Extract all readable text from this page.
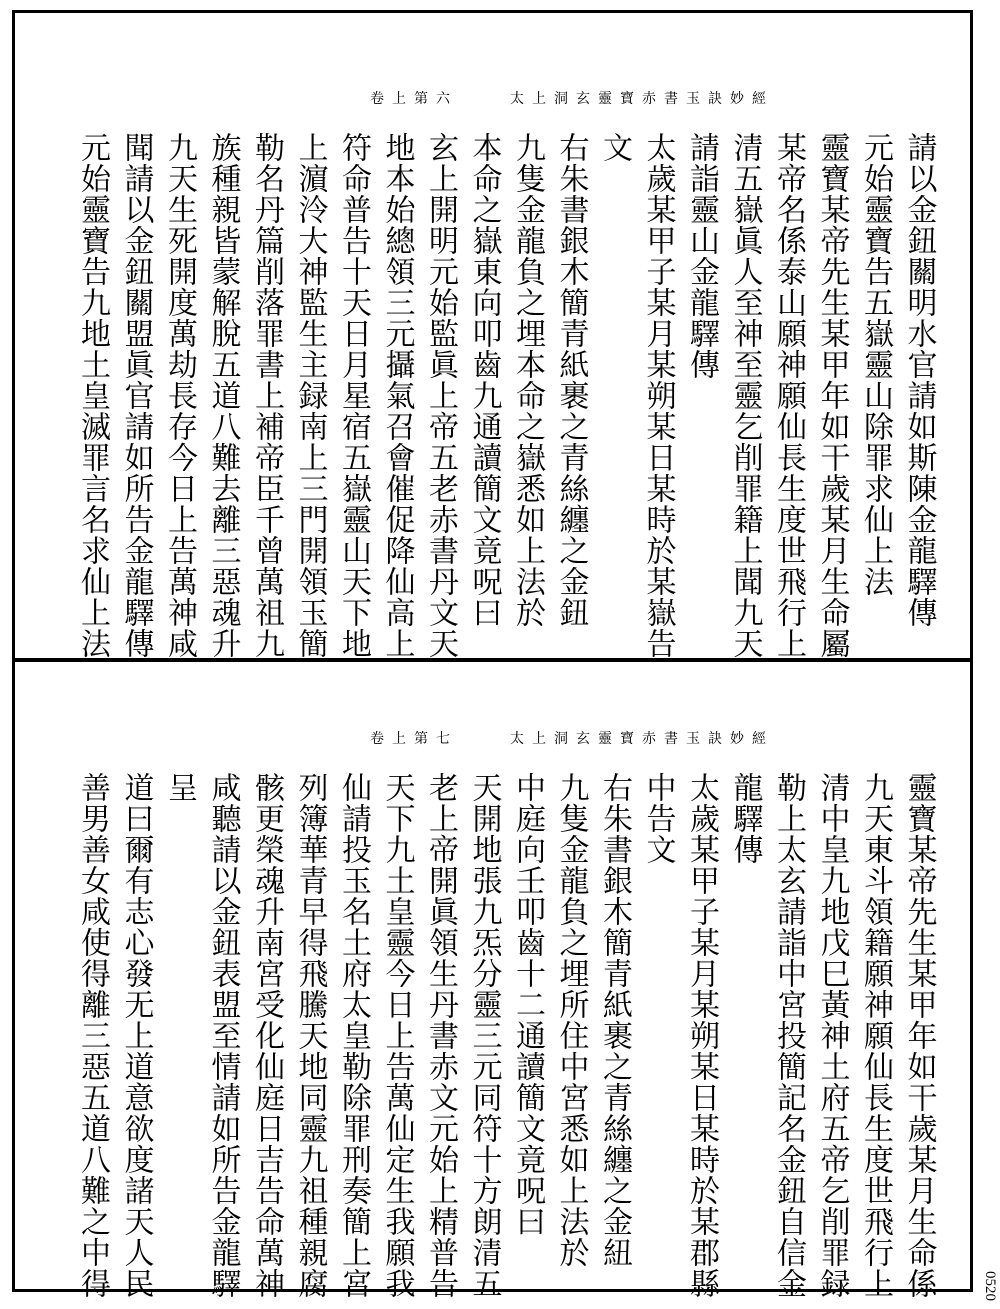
卷上第六	太上洞玄靈寶赤書玉訣妙經
請以金鈕關明水官請如斯陳金龍驛傳
元始靈寶告五嶽靈山除罪求仙上法
靈寶某帝先生某甲年如干歲某月生命屬
某帝名係泰山願神願仙長生度世飛行上
清五嶽眞人至神至靈乞削罪籍上聞九天
請詣靈山金龍驛傳
太歲某甲子某月某朔某日某時於某嶽告
文
右朱書銀木簡青紙裹之青絲纏之金鈕
九隻金龍負之埋本命之嶽悉如上法於
本命之嶽東向叩齒九通讀簡文竟呪曰
玄上開明元始監眞上帝五老赤書丹文天
地本始總領三元攝氣召會催促降仙高上
符命普告十天日月星宿五嶽靈山天下地
上濵泠大神監生主録南上三門開領玉簡
勒名丹篇削落罪書上補帝臣千曾萬祖九
族種親皆蒙解脫五道八難去離三惡魂升
九天生死開度萬劫長存今日上告萬神咸
聞請以金鈕關盟眞官請如所告金龍驛傳
元始靈寶告九地土皇滅罪言名求仙上法
卷上第七	太上洞玄靈寶赤書玉訣妙經
靈寶某帝先生某甲年如干歲某月生命係
九天東斗領籍願神願仙長生度世飛行上
清中皇九地戊巳黃神土府五帝乞削罪録
勒上太玄請詣中宮投簡記名金鈕自信金
龍驛傳
太歲某甲子某月某朔某日某時於某郡縣
中告文
右朱書銀木簡青紙裹之青絲纏之金紐
九隻金龍負之埋所住中宮悉如上法於
中庭向壬叩齒十二通讀簡文竟呪曰
天開地張九炁分靈三元同符十方朗清五
老上帝開眞領生丹書赤文元始上精普告
天下九土皇靈今日上告萬仙定生我願我
仙請投玉名土府太皇勒除罪刑奏簡上宮
列簿華青早得飛騰天地同靈九祖種親腐
骸更榮魂升南宮受化仙庭日吉告命萬神
咸聽請以金鈕表盟至情請如所告金龍驛
呈
道曰爾有志心發无上道意欲度諸天人民
善男善女咸使得離三惡五道八難之中得	0520
